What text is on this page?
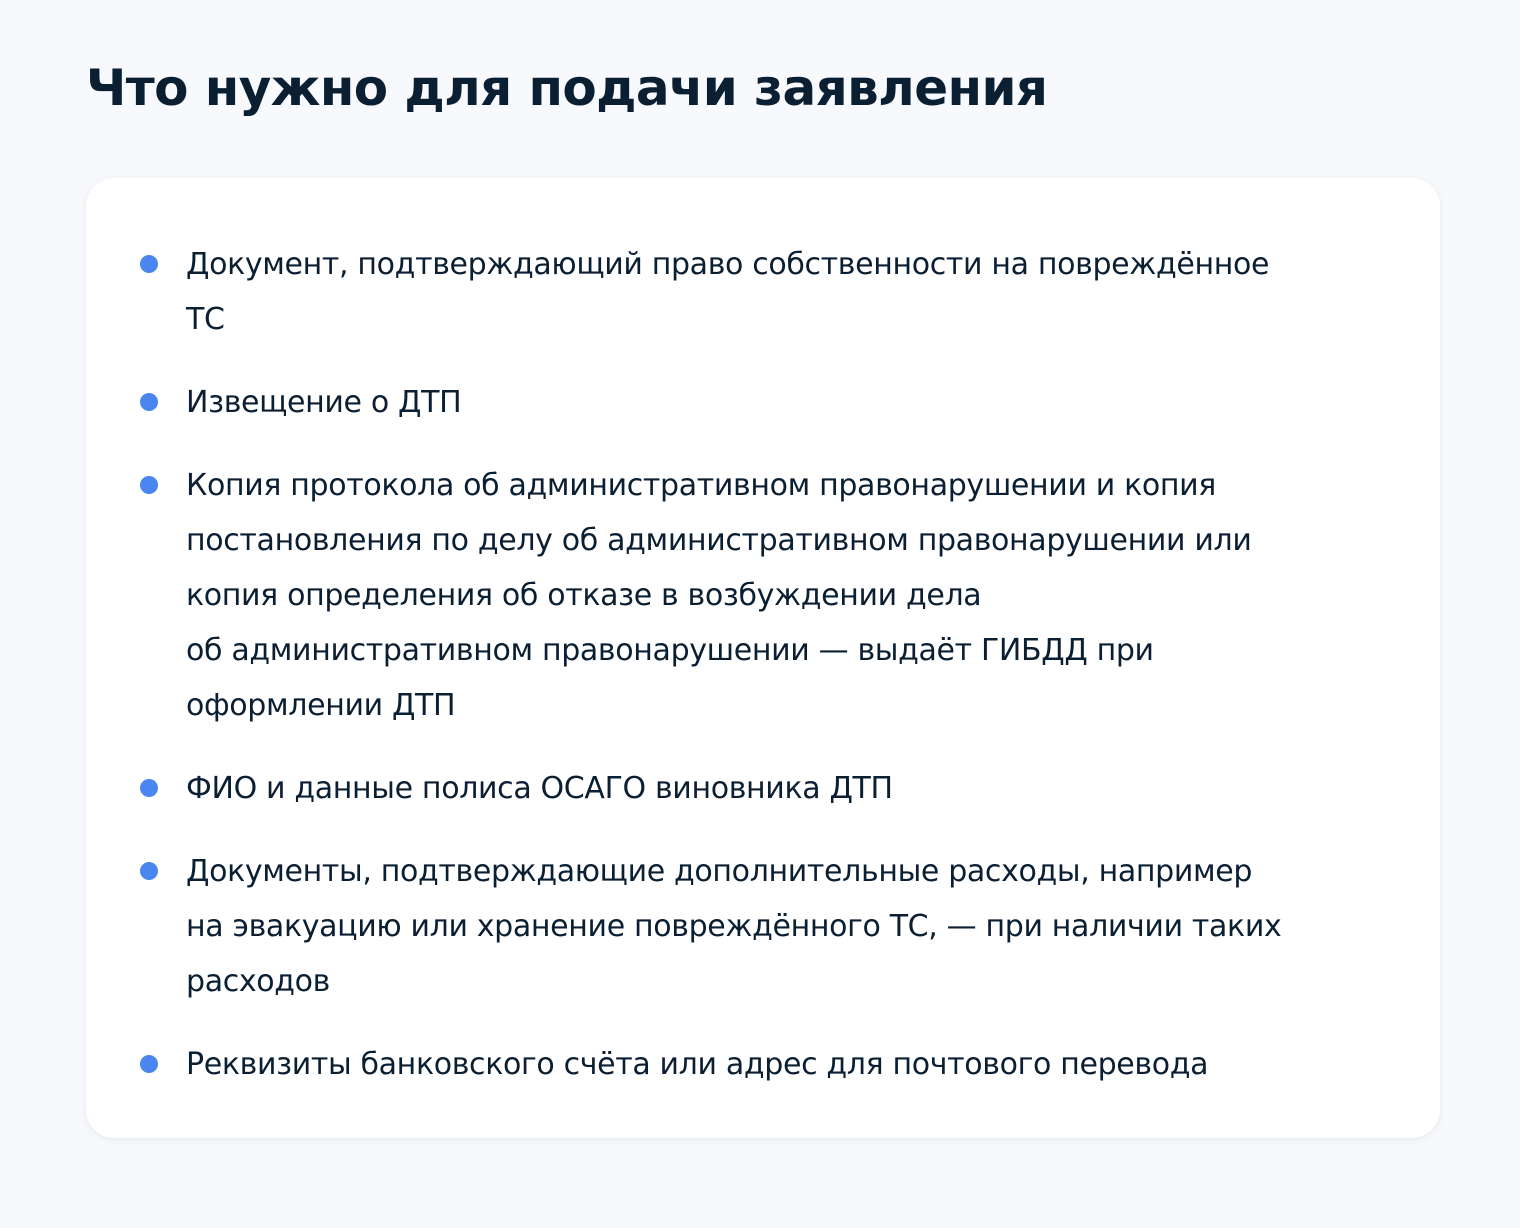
Что нужно для подачи заявления
Документ, подтверждающий право собственности на повреждённое
ТС
Извещение о ДТП
Копия протокола об административном правонарушении и копия
постановления по делу об административном правонарушении или
копия определения об отказе в возбуждении дела
об административном правонарушении — выдаёт ГИБДД при
оформлении ДТП
ФИО и данные полиса ОСАГО виновника ДТП
Документы, подтверждающие дополнительные расходы, например
на эвакуацию или хранение повреждённого ТС, — при наличии таких
расходов
Реквизиты банковского счёта или адрес для почтового перевода
